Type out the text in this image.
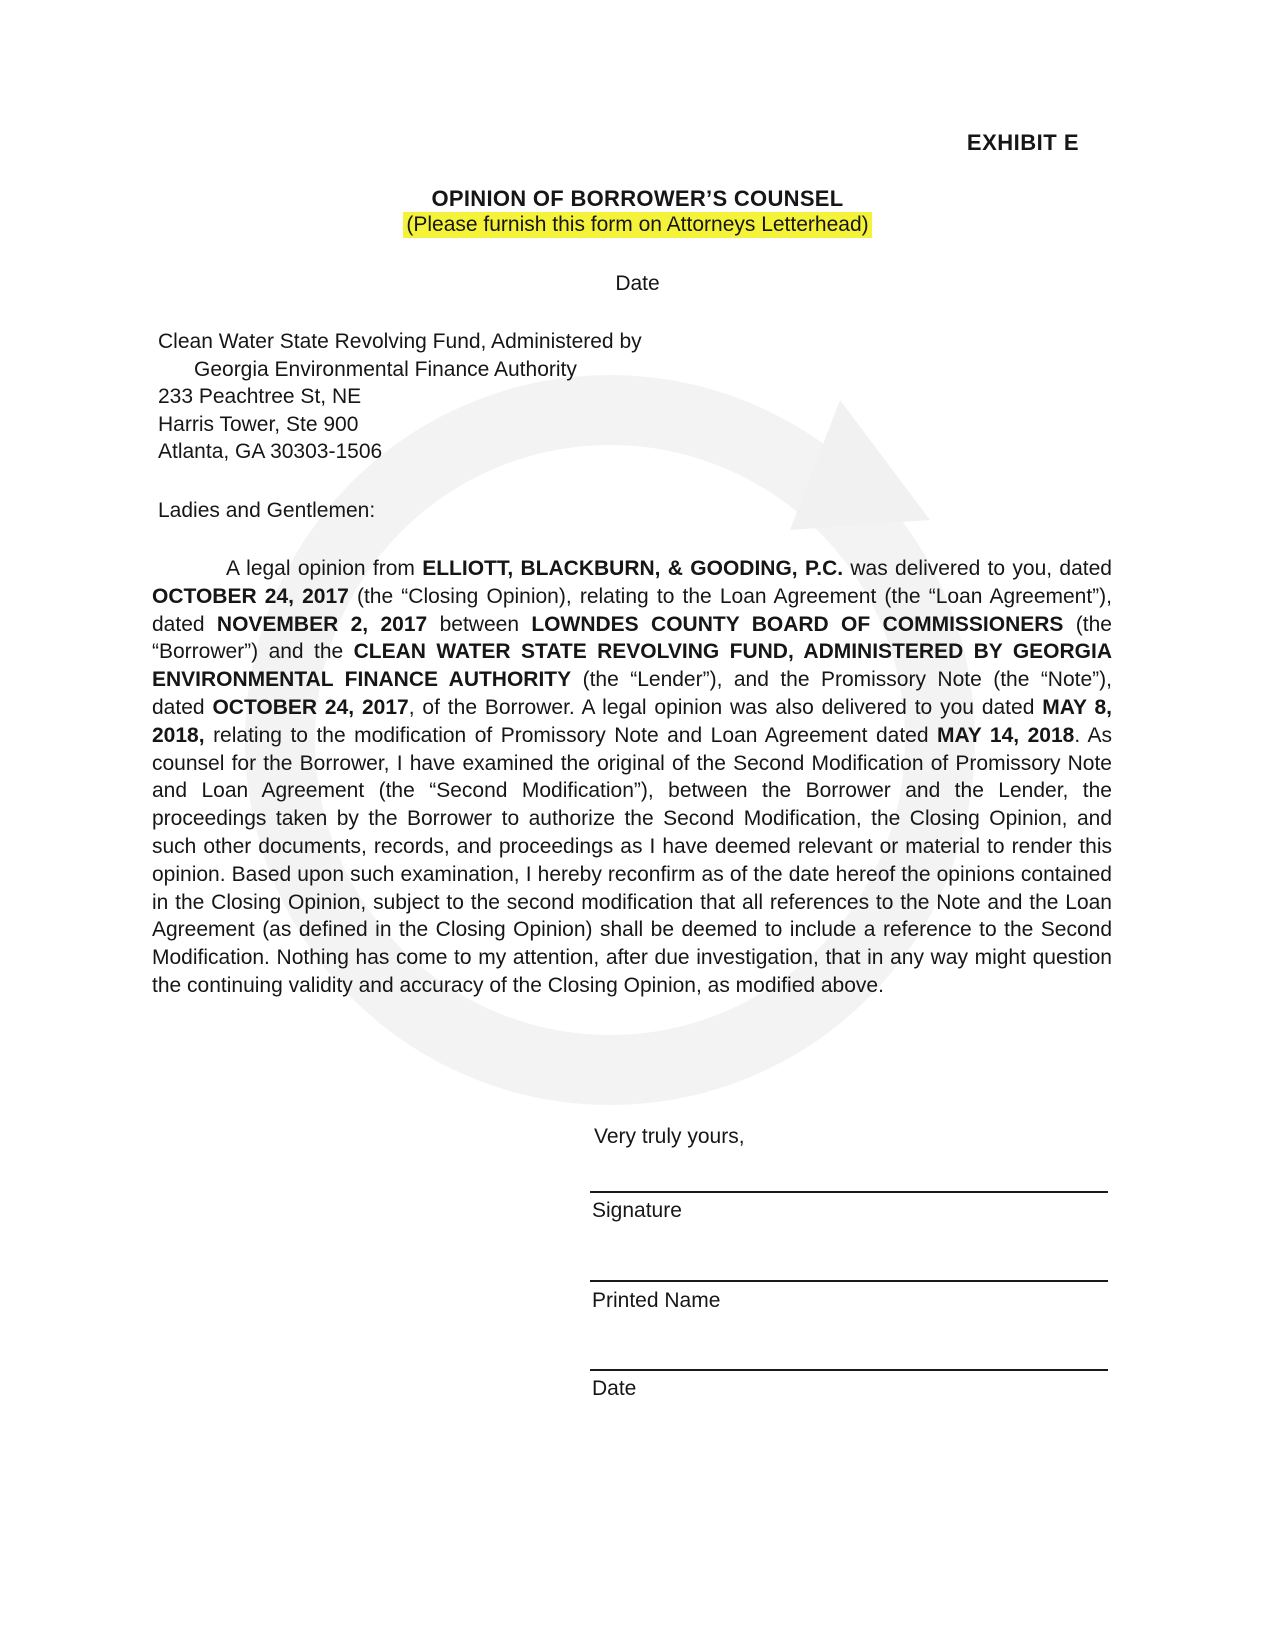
EXHIBIT E
OPINION OF BORROWER’S COUNSEL
(Please furnish this form on Attorneys Letterhead)
Date
Clean Water State Revolving Fund, Administered by
Georgia Environmental Finance Authority
233 Peachtree St, NE
Harris Tower, Ste 900
Atlanta, GA 30303-1506
Ladies and Gentlemen:

A legal opinion from ELLIOTT, BLACKBURN, & GOODING, P.C. was delivered to you, dated OCTOBER 24, 2017 (the “Closing Opinion), relating to the Loan Agreement (the “Loan Agreement”), dated NOVEMBER 2, 2017 between LOWNDES COUNTY BOARD OF COMMISSIONERS (the “Borrower”) and the CLEAN WATER STATE REVOLVING FUND, ADMINISTERED BY GEORGIA ENVIRONMENTAL FINANCE AUTHORITY (the “Lender”), and the Promissory Note (the “Note”), dated OCTOBER 24, 2017, of the Borrower. A legal opinion was also delivered to you dated MAY 8, 2018, relating to the modification of Promissory Note and Loan Agreement dated MAY 14, 2018. As counsel for the Borrower, I have examined the original of the Second Modification of Promissory Note and Loan Agreement (the “Second Modification”), between the Borrower and the Lender, the proceedings taken by the Borrower to authorize the Second Modification, the Closing Opinion, and such other documents, records, and proceedings as I have deemed relevant or material to render this opinion. Based upon such examination, I hereby reconfirm as of the date hereof the opinions contained in the Closing Opinion, subject to the second modification that all references to the Note and the Loan Agreement (as defined in the Closing Opinion) shall be deemed to include a reference to the Second Modification. Nothing has come to my attention, after due investigation, that in any way might question the continuing validity and accuracy of the Closing Opinion, as modified above.

Very truly yours,
Signature
Printed Name
Date
